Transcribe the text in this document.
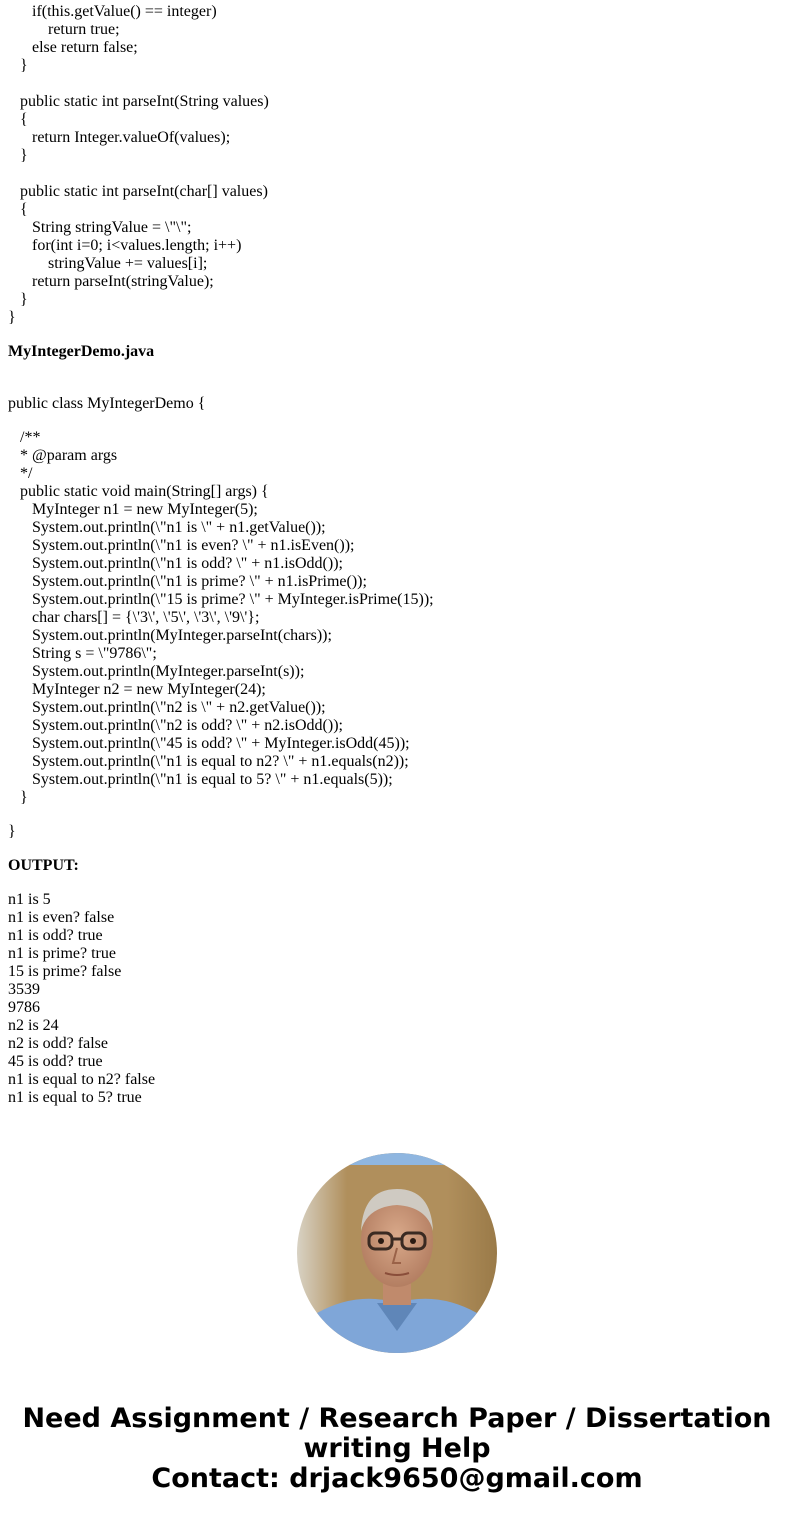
if(this.getValue() == integer)
return true;
else return false;
}
public static int parseInt(String values)
{
return Integer.valueOf(values);
}
public static int parseInt(char[] values)
{
String stringValue = \"\";
for(int i=0; i<values.length; i++)
stringValue += values[i];
return parseInt(stringValue);
}
}
MyIntegerDemo.java
public class MyIntegerDemo {
/**
* @param args
*/
public static void main(String[] args) {
MyInteger n1 = new MyInteger(5);
System.out.println(\"n1 is \" + n1.getValue());
System.out.println(\"n1 is even? \" + n1.isEven());
System.out.println(\"n1 is odd? \" + n1.isOdd());
System.out.println(\"n1 is prime? \" + n1.isPrime());
System.out.println(\"15 is prime? \" + MyInteger.isPrime(15));
char chars[] = {\'3\', \'5\', \'3\', \'9\'};
System.out.println(MyInteger.parseInt(chars));
String s = \"9786\";
System.out.println(MyInteger.parseInt(s));
MyInteger n2 = new MyInteger(24);
System.out.println(\"n2 is \" + n2.getValue());
System.out.println(\"n2 is odd? \" + n2.isOdd());
System.out.println(\"45 is odd? \" + MyInteger.isOdd(45));
System.out.println(\"n1 is equal to n2? \" + n1.equals(n2));
System.out.println(\"n1 is equal to 5? \" + n1.equals(5));
}
}
OUTPUT:
n1 is 5
n1 is even? false
n1 is odd? true
n1 is prime? true
15 is prime? false
3539
9786
n2 is 24
n2 is odd? false
45 is odd? true
n1 is equal to n2? false
n1 is equal to 5? true
Need Assignment / Research Paper / Dissertation
writing Help
Contact: drjack9650@gmail.com
